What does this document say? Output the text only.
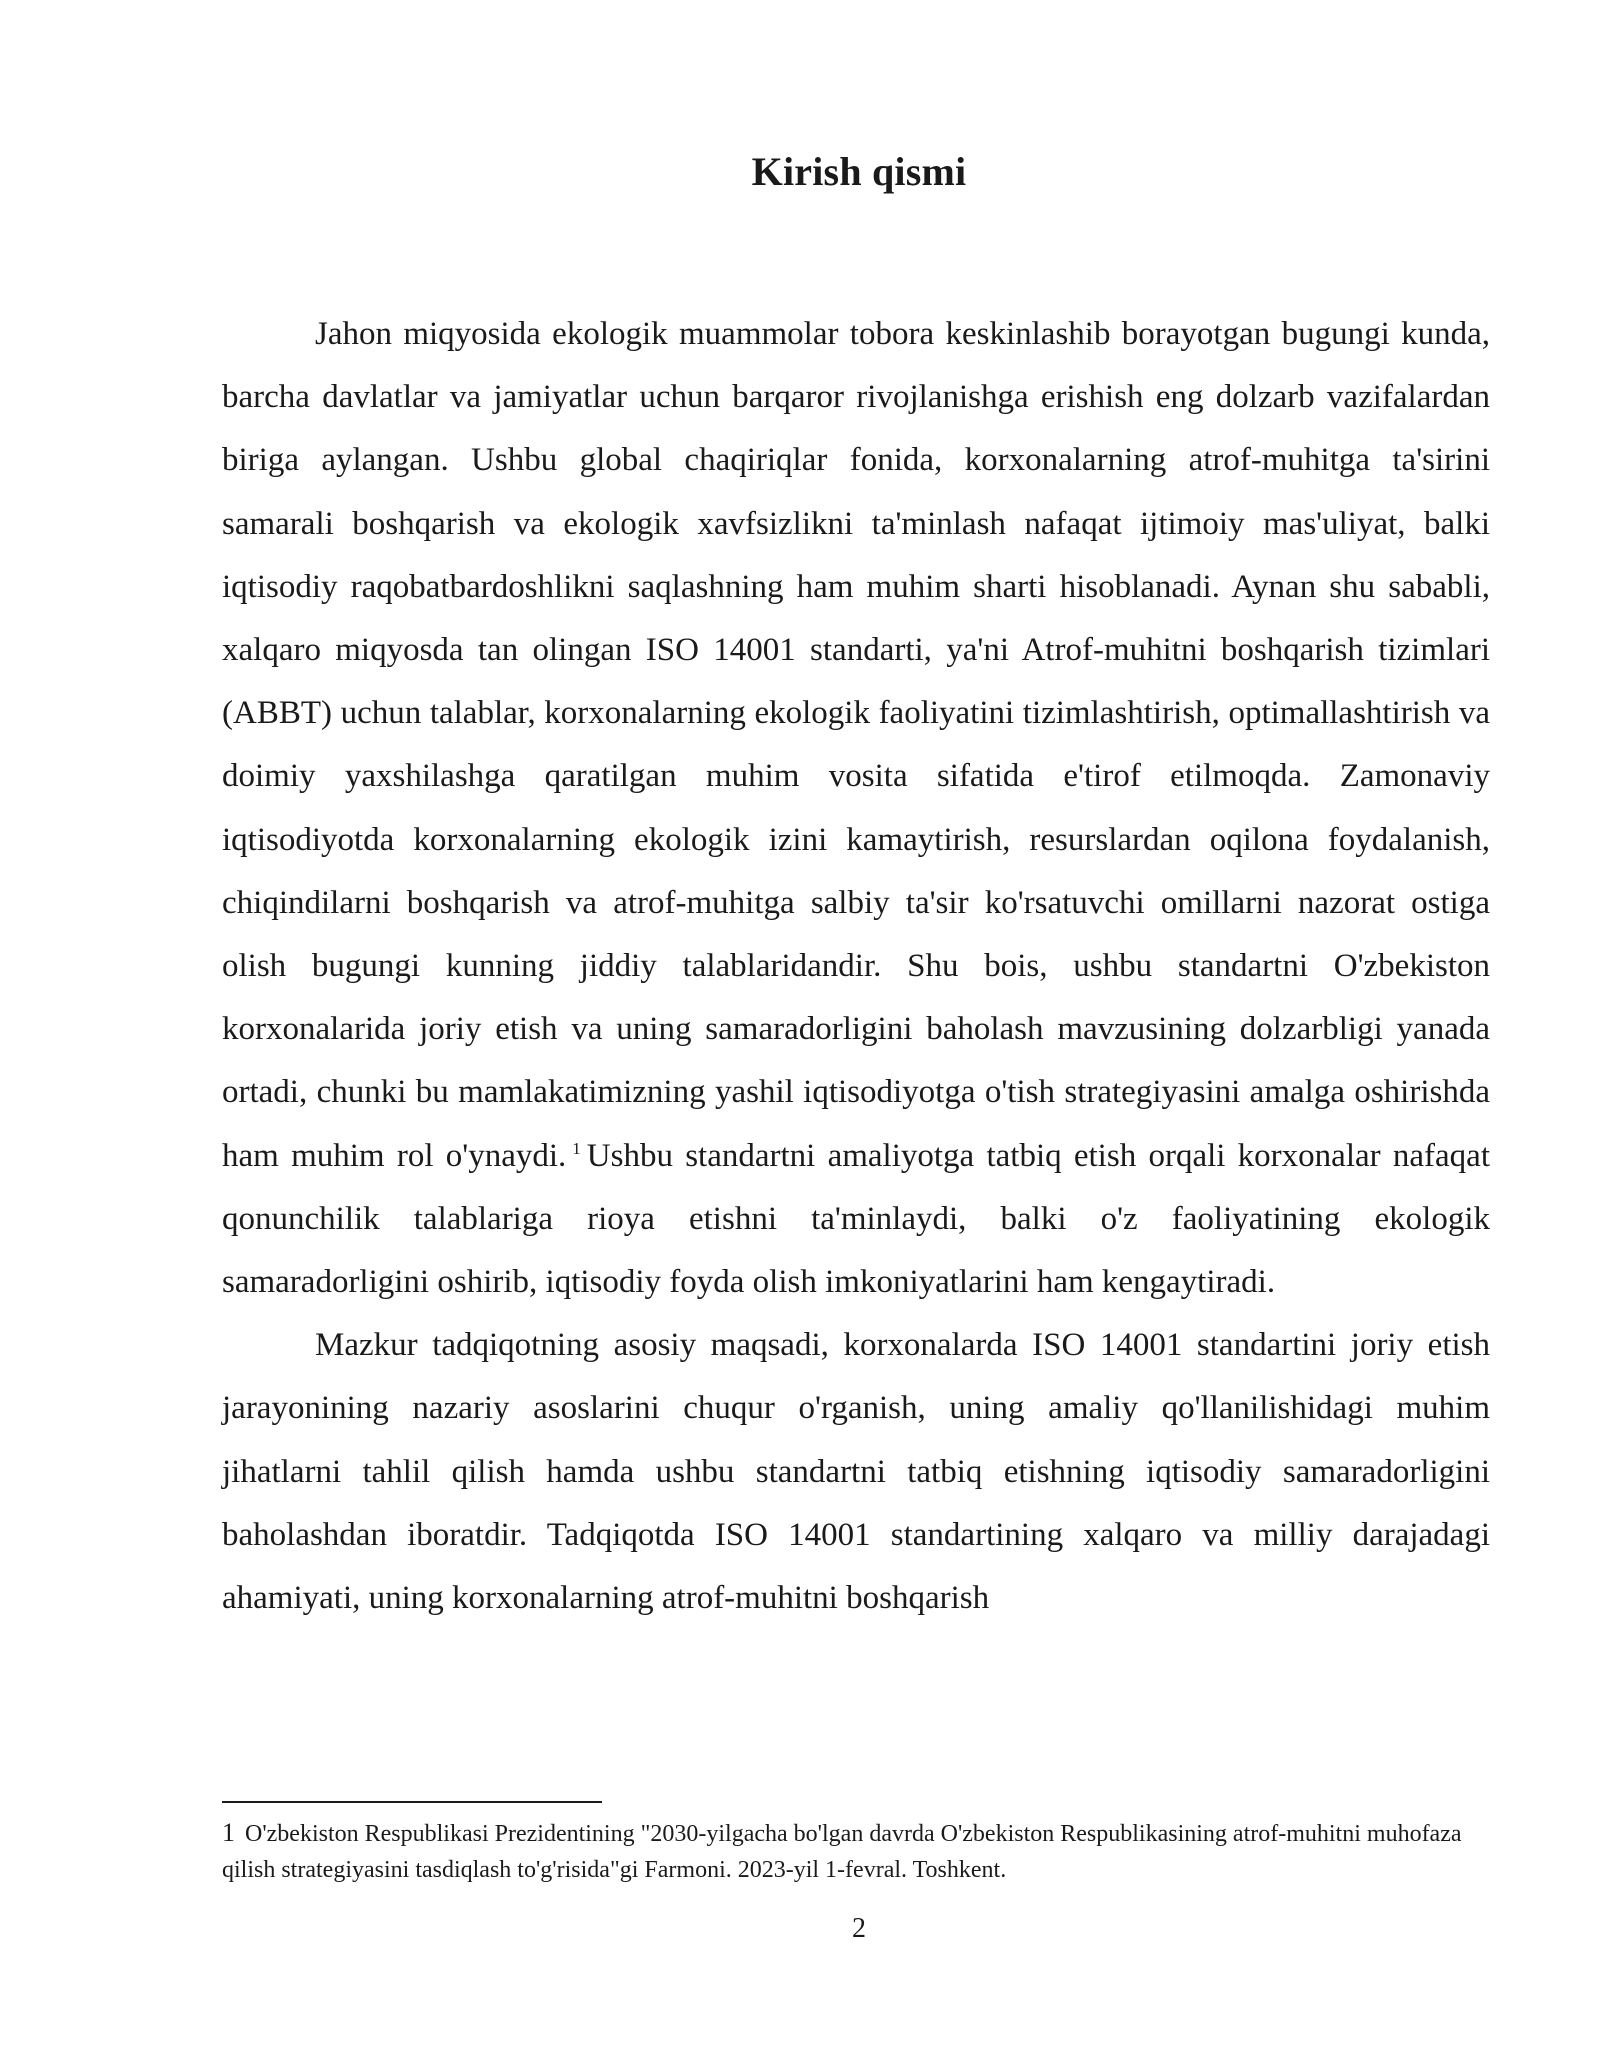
Kirish qismi

Jahon miqyosida ekologik muammolar tobora keskinlashib borayotgan bugungi kunda, barcha davlatlar va jamiyatlar uchun barqaror rivojlanishga erishish eng dolzarb vazifalardan biriga aylangan. Ushbu global chaqiriqlar fonida, korxonalarning atrof-muhitga ta'sirini samarali boshqarish va ekologik xavfsizlikni ta'minlash nafaqat ijtimoiy mas'uliyat, balki iqtisodiy raqobatbardoshlikni saqlashning ham muhim sharti hisoblanadi. Aynan shu sababli, xalqaro miqyosda tan olingan ISO 14001 standarti, ya'ni Atrof-muhitni boshqarish tizimlari (ABBT) uchun talablar, korxonalarning ekologik faoliyatini tizimlashtirish, optimallashtirish va doimiy yaxshilashga qaratilgan muhim vosita sifatida e'tirof etilmoqda. Zamonaviy iqtisodiyotda korxonalarning ekologik izini kamaytirish, resurslardan oqilona foydalanish, chiqindilarni boshqarish va atrof-muhitga salbiy ta'sir ko'rsatuvchi omillarni nazorat ostiga olish bugungi kunning jiddiy talablaridandir. Shu bois, ushbu standartni O'zbekiston korxonalarida joriy etish va uning samaradorligini baholash mavzusining dolzarbligi yanada ortadi, chunki bu mamlakatimizning yashil iqtisodiyotga o'tish strategiyasini amalga oshirishda ham muhim rol o'ynaydi. $^1$ Ushbu standartni amaliyotga tatbiq etish orqali korxonalar nafaqat qonunchilik talablariga rioya etishni ta'minlaydi, balki o'z faoliyatining ekologik samaradorligini oshirib, iqtisodiy foyda olish imkoniyatlarini ham kengaytiradi.

Mazkur tadqiqotning asosiy maqsadi, korxonalarda ISO 14001 standartini joriy etish jarayonining nazariy asoslarini chuqur o'rganish, uning amaliy qo'llanilishidagi muhim jihatlarni tahlil qilish hamda ushbu standartni tatbiq etishning iqtisodiy samaradorligini baholashdan iboratdir. Tadqiqotda ISO 14001 standartining xalqaro va milliy darajadagi ahamiyati, uning korxonalarning atrof-muhitni boshqarish

1 O'zbekiston Respublikasi Prezidentining "2030-yilgacha bo'lgan davrda O'zbekiston Respublikasining atrof-muhitni muhofaza qilish strategiyasini tasdiqlash to'g'risida"gi Farmoni. 2023-yil 1-fevral. Toshkent.

2
